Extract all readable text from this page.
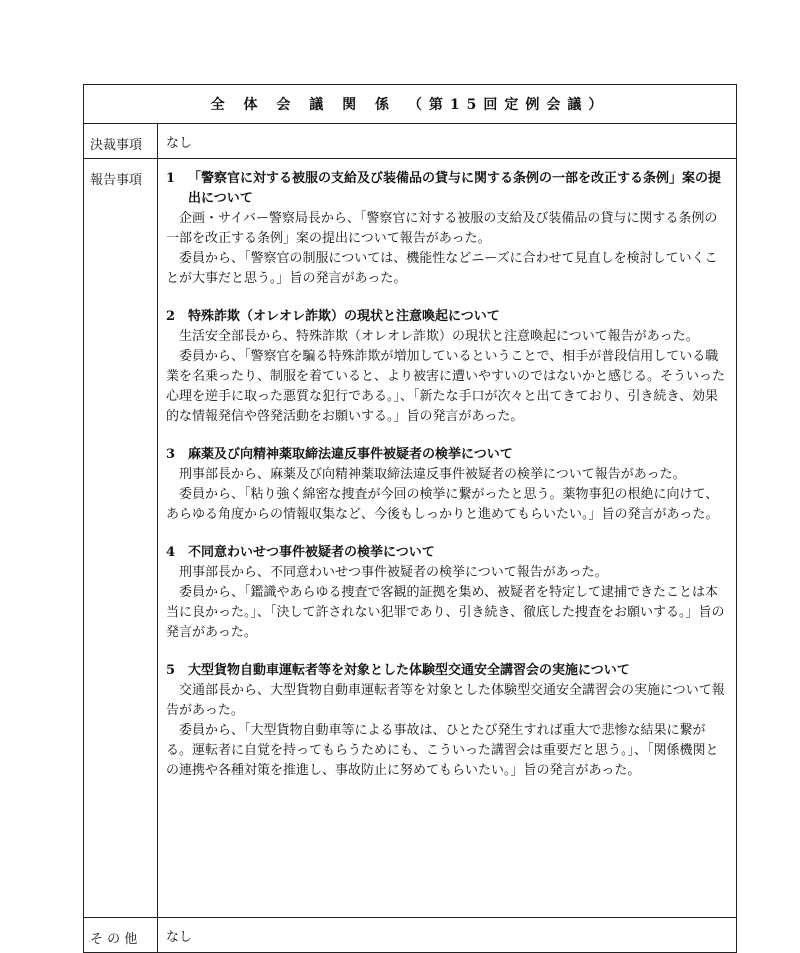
全 体 会 議 関 係 （第15回定例会議）
決裁事項	なし
報告事項	1 「警察官に対する被服の支給及び装備品の貸与に関する条例の一部を改正する条例」案の提出について

企画・サイバー警察局長から、「警察官に対する被服の支給及び装備品の貸与に関する条例の一部を改正する条例」案の提出について報告があった。

委員から、「警察官の制服については、機能性などニーズに合わせて見直しを検討していくことが大事だと思う。」旨の発言があった。

2 特殊詐欺（オレオレ詐欺）の現状と注意喚起について

生活安全部長から、特殊詐欺（オレオレ詐欺）の現状と注意喚起について報告があった。

委員から、「警察官を騙る特殊詐欺が増加しているということで、相手が普段信用している職業を名乗ったり、制服を着ていると、より被害に遭いやすいのではないかと感じる。そういった心理を逆手に取った悪質な犯行である。」、「新たな手口が次々と出てきており、引き続き、効果的な情報発信や啓発活動をお願いする。」旨の発言があった。

3 麻薬及び向精神薬取締法違反事件被疑者の検挙について

刑事部長から、麻薬及び向精神薬取締法違反事件被疑者の検挙について報告があった。

委員から、「粘り強く綿密な捜査が今回の検挙に繋がったと思う。薬物事犯の根絶に向けて、あらゆる角度からの情報収集など、今後もしっかりと進めてもらいたい。」旨の発言があった。

4 不同意わいせつ事件被疑者の検挙について

刑事部長から、不同意わいせつ事件被疑者の検挙について報告があった。

委員から、「鑑識やあらゆる捜査で客観的証拠を集め、被疑者を特定して逮捕できたことは本当に良かった。」、「決して許されない犯罪であり、引き続き、徹底した捜査をお願いする。」旨の発言があった。

5 大型貨物自動車運転者等を対象とした体験型交通安全講習会の実施について

交通部長から、大型貨物自動車運転者等を対象とした体験型交通安全講習会の実施について報告があった。

委員から、「大型貨物自動車等による事故は、ひとたび発生すれば重大で悲惨な結果に繋がる。運転者に自覚を持ってもらうためにも、こういった講習会は重要だと思う。」、「関係機関との連携や各種対策を推進し、事故防止に努めてもらいたい。」旨の発言があった。

そ の 他	なし
